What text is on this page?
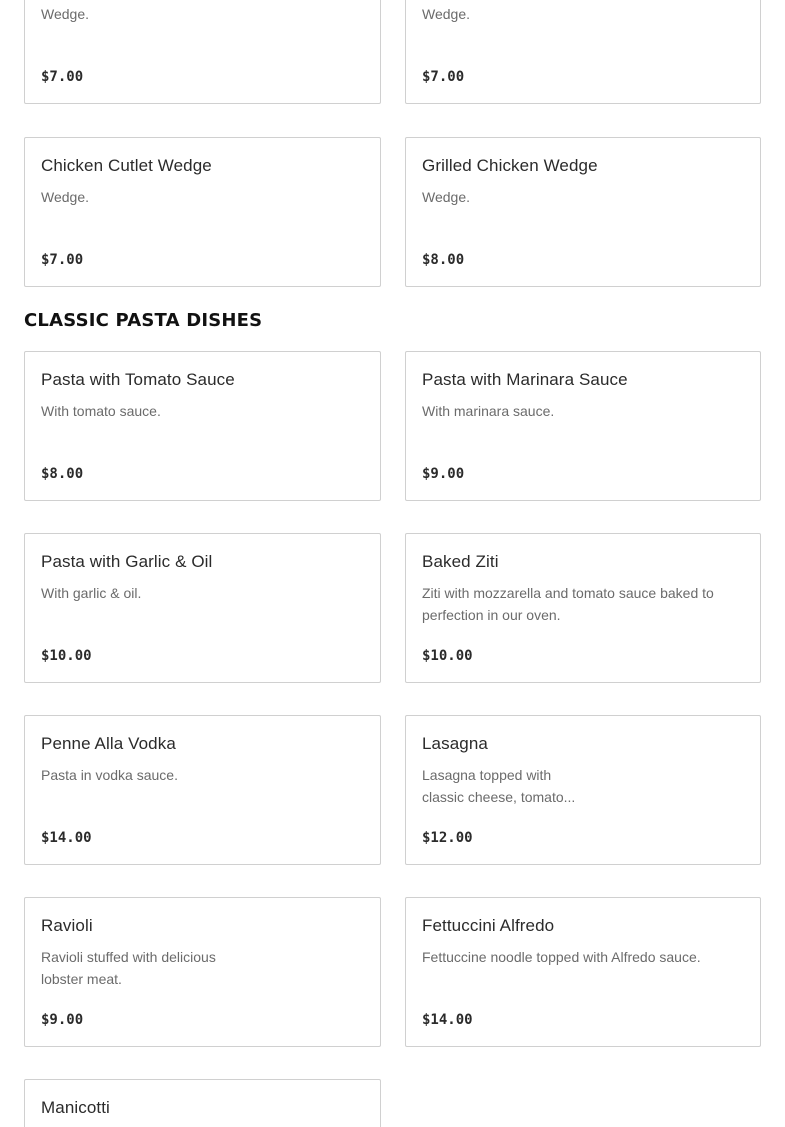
Wedge.
$7.00
Wedge.
$7.00
Chicken Cutlet Wedge
Wedge.
$7.00
Grilled Chicken Wedge
Wedge.
$8.00
CLASSIC PASTA DISHES
Pasta with Tomato Sauce
With tomato sauce.
$8.00
Pasta with Marinara Sauce
With marinara sauce.
$9.00
Pasta with Garlic & Oil
With garlic & oil.
$10.00
Baked Ziti
Ziti with mozzarella and tomato sauce baked to perfection in our oven.
$10.00
Penne Alla Vodka
Pasta in vodka sauce.
$14.00
Lasagna
Lasagna topped with classic cheese, tomato...
$12.00
Ravioli
Ravioli stuffed with delicious lobster meat.
$9.00
Fettuccini Alfredo
Fettuccine noodle topped with Alfredo sauce.
$14.00
Manicotti
